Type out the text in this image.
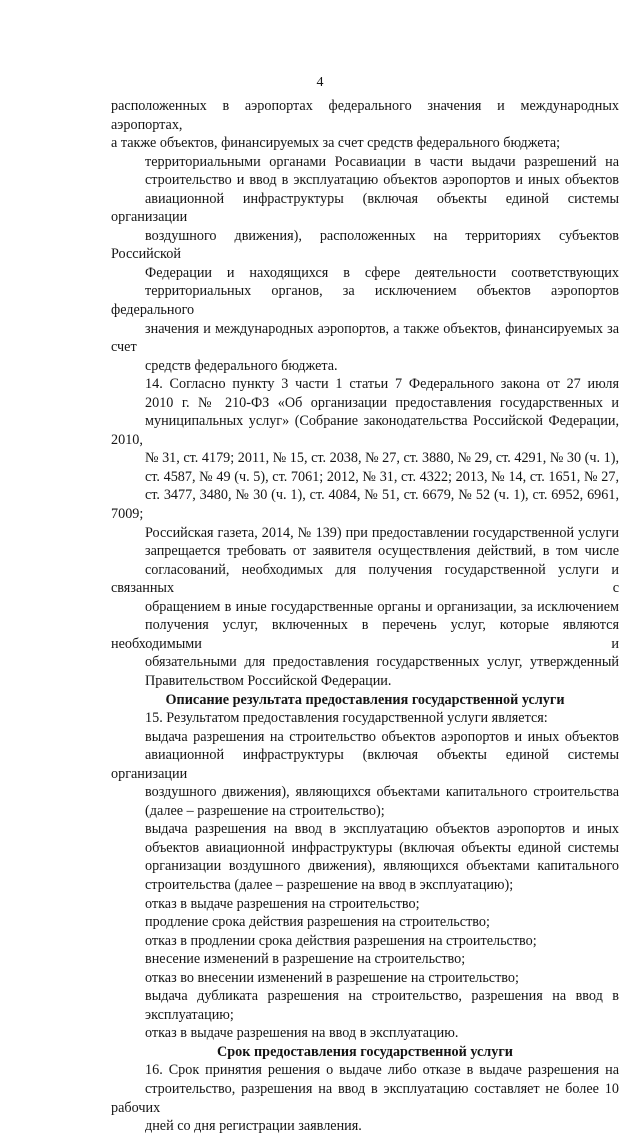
4

расположенных в аэропортах федерального значения и международных аэропортах,
а также объектов, финансируемых за счет средств федерального бюджета;

территориальными органами Росавиации в части выдачи разрешений на
строительство и ввод в эксплуатацию объектов аэропортов и иных объектов
авиационной инфраструктуры (включая объекты единой системы организации
воздушного движения), расположенных на территориях субъектов Российской
Федерации и находящихся в сфере деятельности соответствующих
территориальных органов, за исключением объектов аэропортов федерального
значения и международных аэропортов, а также объектов, финансируемых за счет
средств федерального бюджета.

14. Согласно пункту 3 части 1 статьи 7 Федерального закона от 27 июля
2010 г. № 210-ФЗ «Об организации предоставления государственных и
муниципальных услуг» (Собрание законодательства Российской Федерации, 2010,
№ 31, ст. 4179; 2011, № 15, ст. 2038, № 27, ст. 3880, № 29, ст. 4291, № 30 (ч. 1),
ст. 4587, № 49 (ч. 5), ст. 7061; 2012, № 31, ст. 4322; 2013, № 14, ст. 1651, № 27,
ст. 3477, 3480, № 30 (ч. 1), ст. 4084, № 51, ст. 6679, № 52 (ч. 1), ст. 6952, 6961, 7009;
Российская газета, 2014, № 139) при предоставлении государственной услуги
запрещается требовать от заявителя осуществления действий, в том числе
согласований, необходимых для получения государственной услуги и связанных с
обращением в иные государственные органы и организации, за исключением
получения услуг, включенных в перечень услуг, которые являются необходимыми и
обязательными для предоставления государственных услуг, утвержденный
Правительством Российской Федерации.

Описание результата предоставления государственной услуги

15. Результатом предоставления государственной услуги является:

выдача разрешения на строительство объектов аэропортов и иных объектов
авиационной инфраструктуры (включая объекты единой системы организации
воздушного движения), являющихся объектами капитального строительства
(далее – разрешение на строительство);

выдача разрешения на ввод в эксплуатацию объектов аэропортов и иных
объектов авиационной инфраструктуры (включая объекты единой системы
организации воздушного движения), являющихся объектами капитального
строительства (далее – разрешение на ввод в эксплуатацию);

отказ в выдаче разрешения на строительство;

продление срока действия разрешения на строительство;

отказ в продлении срока действия разрешения на строительство;

внесение изменений в разрешение на строительство;

отказ во внесении изменений в разрешение на строительство;

выдача дубликата разрешения на строительство, разрешения на ввод в
эксплуатацию;

отказ в выдаче разрешения на ввод в эксплуатацию.

Срок предоставления государственной услуги

16. Срок принятия решения о выдаче либо отказе в выдаче разрешения на
строительство, разрешения на ввод в эксплуатацию составляет не более 10 рабочих
дней со дня регистрации заявления.
